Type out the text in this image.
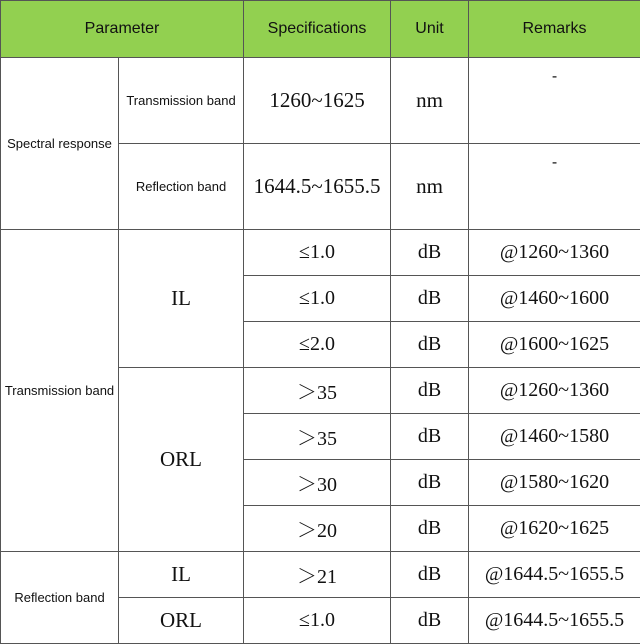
Parameter		Specifications	Unit	Remarks
Spectral response	Transmission band	1260~1625	nm	-
	Reflection band	1644.5~1655.5	nm	-
Transmission band	IL	≤1.0	dB	@1260~1360
		≤1.0	dB	@1460~1600
		≤2.0	dB	@1600~1625
	ORL	＞35	dB	@1260~1360
		＞35	dB	@1460~1580
		＞30	dB	@1580~1620
		＞20	dB	@1620~1625
Reflection band	IL	＞21	dB	@1644.5~1655.5
	ORL	≤1.0	dB	@1644.5~1655.5
